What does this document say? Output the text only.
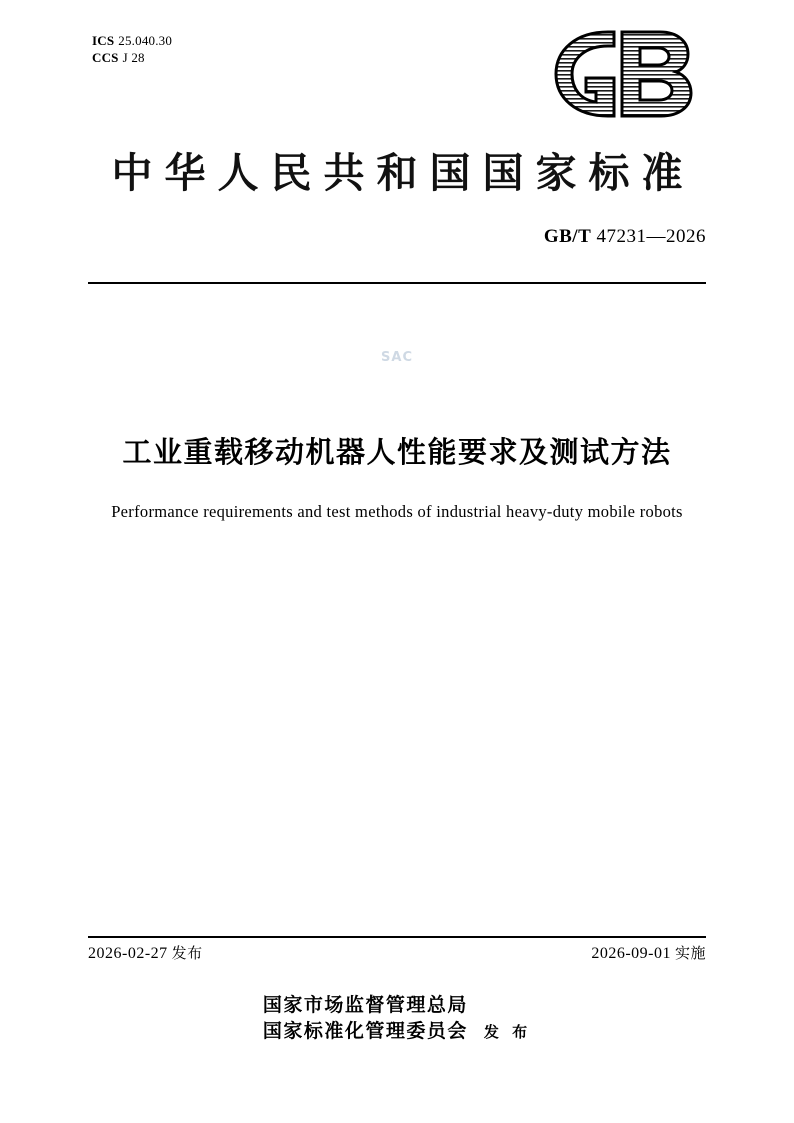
ICS 25.040.30
CCS J 28
中华人民共和国国家标准
GB/T 47231—2026
SAC
工业重载移动机器人性能要求及测试方法
Performance requirements and test methods of industrial heavy-duty mobile robots
2026-02-27 发布	2026-09-01 实施
国家市场监督管理总局
国家标准化管理委员会 发 布
